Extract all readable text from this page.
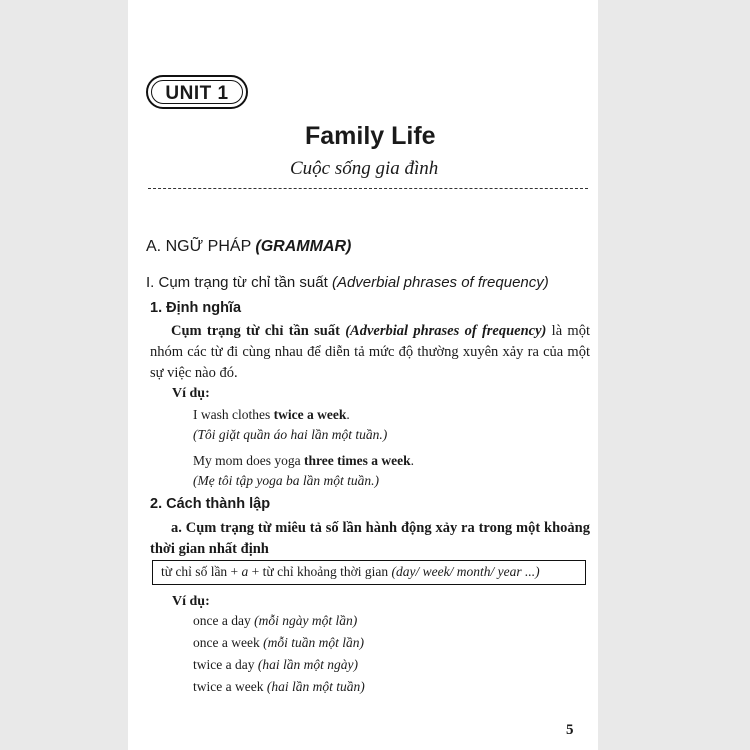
UNIT 1
Family Life
Cuộc sống gia đình
A. NGỮ PHÁP (GRAMMAR)
I. Cụm trạng từ chỉ tần suất (Adverbial phrases of frequency)
1. Định nghĩa
Cụm trạng từ chỉ tần suất (Adverbial phrases of frequency) là một nhóm các từ đi cùng nhau để diễn tả mức độ thường xuyên xảy ra của một sự việc nào đó.
Ví dụ:
I wash clothes twice a week.
(Tôi giặt quần áo hai lần một tuần.)
My mom does yoga three times a week.
(Mẹ tôi tập yoga ba lần một tuần.)
2. Cách thành lập
a. Cụm trạng từ miêu tả số lần hành động xảy ra trong một khoảng thời gian nhất định
từ chỉ số lần + a + từ chỉ khoảng thời gian (day/ week/ month/ year ...)
Ví dụ:
once a day (mỗi ngày một lần)
once a week (mỗi tuần một lần)
twice a day (hai lần một ngày)
twice a week (hai lần một tuần)
5
